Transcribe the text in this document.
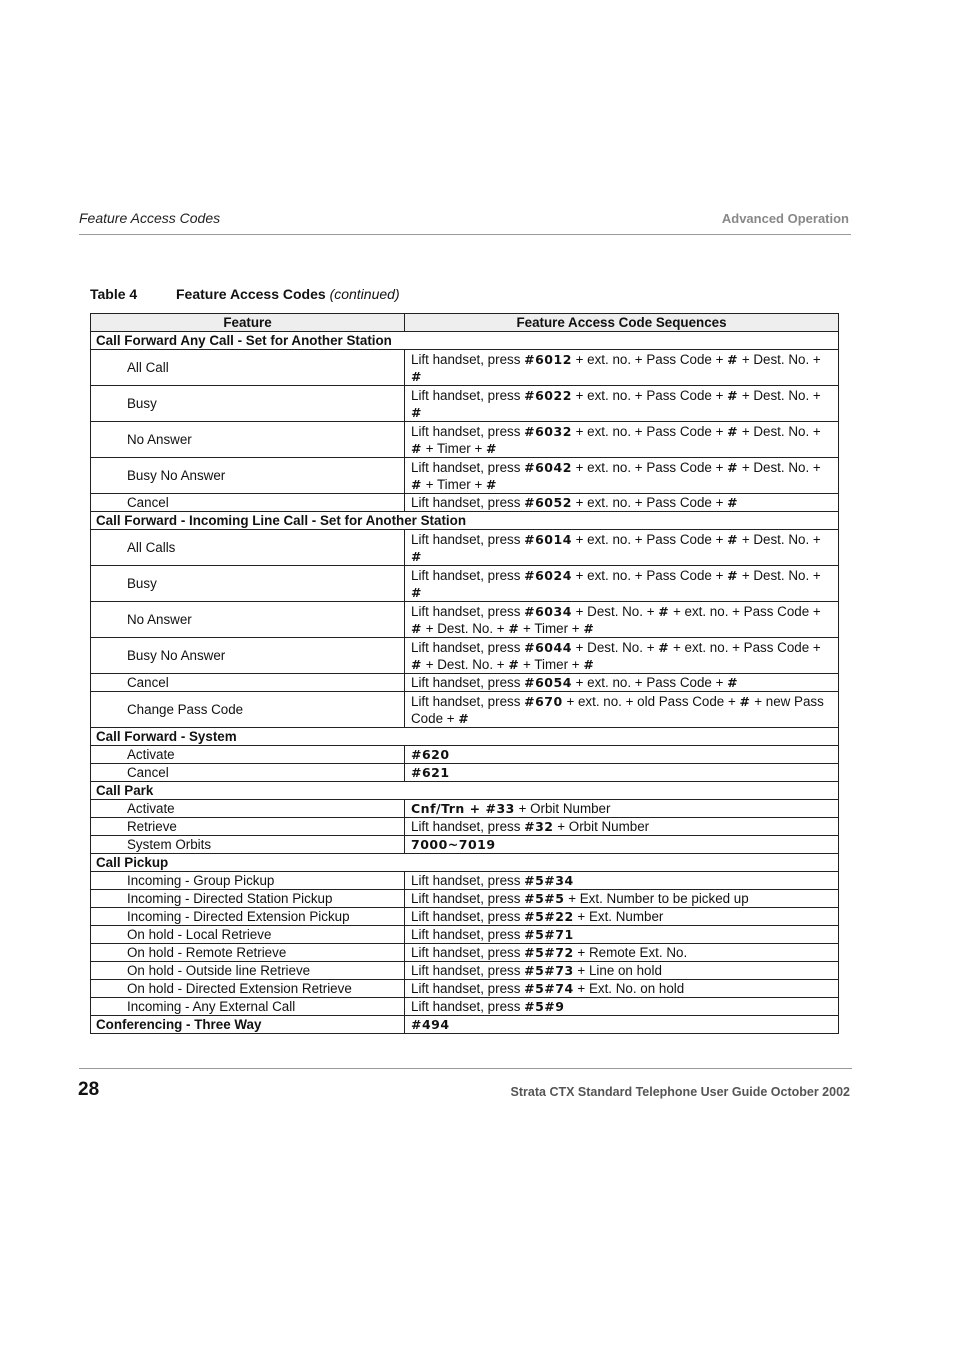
Feature Access Codes	Advanced Operation
Table 4	Feature Access Codes (continued)
Feature	Feature Access Code Sequences
Call Forward Any Call - Set for Another Station	
All Call	Lift handset, press #6012 + ext. no. + Pass Code + # + Dest. No. + #
Busy	Lift handset, press #6022 + ext. no. + Pass Code + # + Dest. No. + #
No Answer	Lift handset, press #6032 + ext. no. + Pass Code + # + Dest. No. + # + Timer + #
Busy No Answer	Lift handset, press #6042 + ext. no. + Pass Code + # + Dest. No. + # + Timer + #
Cancel	Lift handset, press #6052 + ext. no. + Pass Code + #
Call Forward - Incoming Line Call - Set for Another Station	
All Calls	Lift handset, press #6014 + ext. no. + Pass Code + # + Dest. No. + #
Busy	Lift handset, press #6024 + ext. no. + Pass Code + # + Dest. No. + #
No Answer	Lift handset, press #6034 + Dest. No. + # + ext. no. + Pass Code + # + Dest. No. + # + Timer + #
Busy No Answer	Lift handset, press #6044 + Dest. No. + # + ext. no. + Pass Code + # + Dest. No. + # + Timer + #
Cancel	Lift handset, press #6054 + ext. no. + Pass Code + #
Change Pass Code	Lift handset, press #670 + ext. no. + old Pass Code + # + new Pass Code + #
Call Forward - System	
Activate	#620
Cancel	#621
Call Park	
Activate	Cnf/Trn + #33 + Orbit Number
Retrieve	Lift handset, press #32 + Orbit Number
System Orbits	7000~7019
Call Pickup	
Incoming - Group Pickup	Lift handset, press #5#34
Incoming - Directed Station Pickup	Lift handset, press #5#5 + Ext. Number to be picked up
Incoming - Directed Extension Pickup	Lift handset, press #5#22 + Ext. Number
On hold - Local Retrieve	Lift handset, press #5#71
On hold - Remote Retrieve	Lift handset, press #5#72 + Remote Ext. No.
On hold - Outside line Retrieve	Lift handset, press #5#73 + Line on hold
On hold - Directed Extension Retrieve	Lift handset, press #5#74 + Ext. No. on hold
Incoming - Any External Call	Lift handset, press #5#9
Conferencing - Three Way	#494
28	Strata CTX Standard Telephone User Guide October 2002
